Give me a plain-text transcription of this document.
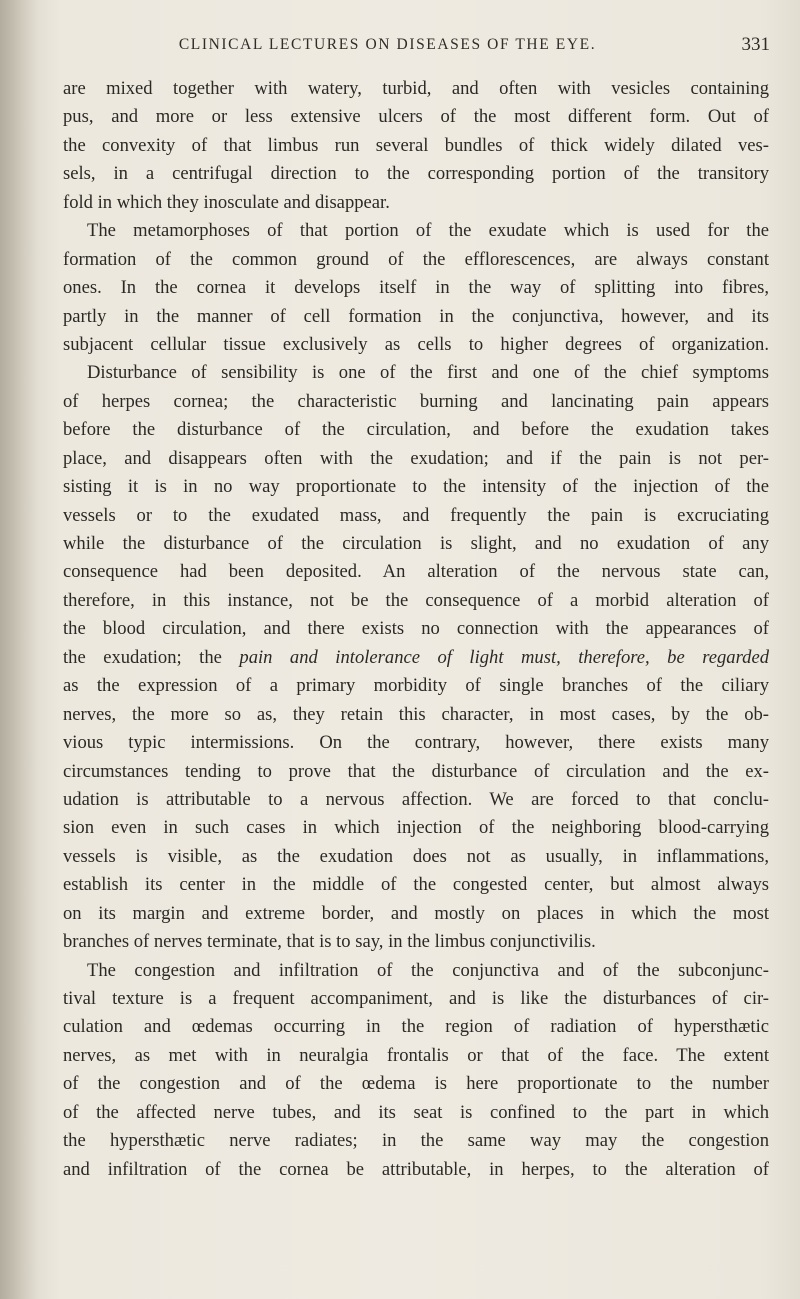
CLINICAL LECTURES ON DISEASES OF THE EYE.	331
are mixed together with watery, turbid, and often with vesicles containing
pus, and more or less extensive ulcers of the most different form. Out of
the convexity of that limbus run several bundles of thick widely dilated ves-
sels, in a centrifugal direction to the corresponding portion of the transitory
fold in which they inosculate and disappear.
The metamorphoses of that portion of the exudate which is used for the
formation of the common ground of the efflorescences, are always constant
ones. In the cornea it develops itself in the way of splitting into fibres,
partly in the manner of cell formation in the conjunctiva, however, and its
subjacent cellular tissue exclusively as cells to higher degrees of organization.
Disturbance of sensibility is one of the first and one of the chief symptoms
of herpes cornea; the characteristic burning and lancinating pain appears
before the disturbance of the circulation, and before the exudation takes
place, and disappears often with the exudation; and if the pain is not per-
sisting it is in no way proportionate to the intensity of the injection of the
vessels or to the exudated mass, and frequently the pain is excruciating
while the disturbance of the circulation is slight, and no exudation of any
consequence had been deposited. An alteration of the nervous state can,
therefore, in this instance, not be the consequence of a morbid alteration of
the blood circulation, and there exists no connection with the appearances of
the exudation; the pain and intolerance of light must, therefore, be regarded
as the expression of a primary morbidity of single branches of the ciliary
nerves, the more so as, they retain this character, in most cases, by the ob-
vious typic intermissions. On the contrary, however, there exists many
circumstances tending to prove that the disturbance of circulation and the ex-
udation is attributable to a nervous affection. We are forced to that conclu-
sion even in such cases in which injection of the neighboring blood-carrying
vessels is visible, as the exudation does not as usually, in inflammations,
establish its center in the middle of the congested center, but almost always
on its margin and extreme border, and mostly on places in which the most
branches of nerves terminate, that is to say, in the limbus conjunctivilis.
The congestion and infiltration of the conjunctiva and of the subconjunc-
tival texture is a frequent accompaniment, and is like the disturbances of cir-
culation and œdemas occurring in the region of radiation of hypersthætic
nerves, as met with in neuralgia frontalis or that of the face. The extent
of the congestion and of the œdema is here proportionate to the number
of the affected nerve tubes, and its seat is confined to the part in which
the hypersthætic nerve radiates; in the same way may the congestion
and infiltration of the cornea be attributable, in herpes, to the alteration of
